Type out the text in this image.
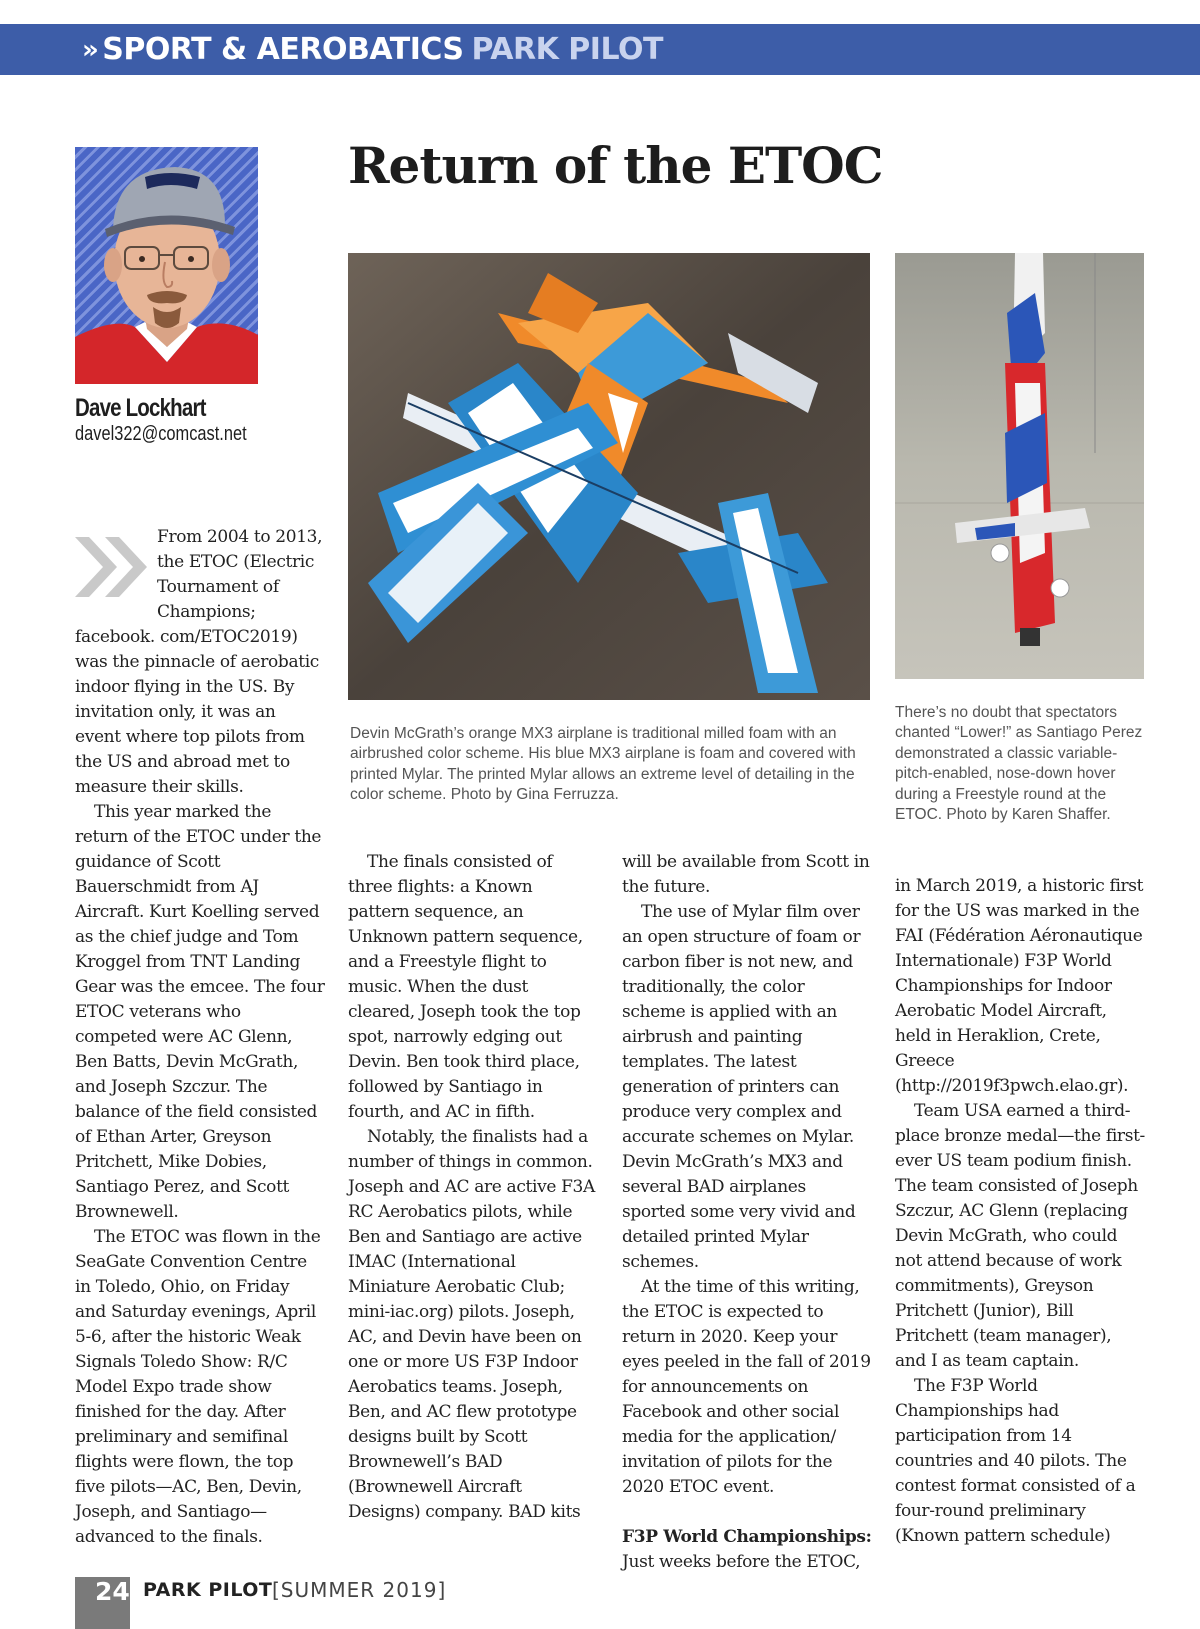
» SPORT & AEROBATICS PARK PILOT
Dave Lockhart
davel322@comcast.net
Return of the ETOC
Devin McGrath’s orange MX3 airplane is traditional milled foam with an airbrushed color scheme. His blue MX3 airplane is foam and covered with printed Mylar. The printed Mylar allows an extreme level of detailing in the color scheme. Photo by Gina Ferruzza.
There’s no doubt that spectators chanted “Lower!” as Santiago Perez demonstrated a classic variable-pitch-enabled, nose-down hover during a Freestyle round at the ETOC. Photo by Karen Shaffer.

From 2004 to 2013, the ETOC (Electric Tournament of Champions; facebook. com/ETOC2019) was the pinnacle of aerobatic indoor flying in the US. By invitation only, it was an event where top pilots from the US and abroad met to measure their skills.

This year marked the return of the ETOC under the guidance of Scott Bauerschmidt from AJ Aircraft. Kurt Koelling served as the chief judge and Tom Kroggel from TNT Landing Gear was the emcee. The four ETOC veterans who competed were AC Glenn, Ben Batts, Devin McGrath, and Joseph Szczur. The balance of the field consisted of Ethan Arter, Greyson Pritchett, Mike Dobies, Santiago Perez, and Scott Brownewell.

The ETOC was flown in the SeaGate Convention Centre in Toledo, Ohio, on Friday and Saturday evenings, April 5-6, after the historic Weak Signals Toledo Show: R/C Model Expo trade show finished for the day. After preliminary and semifinal flights were flown, the top five pilots—AC, Ben, Devin, Joseph, and Santiago—advanced to the finals.

The finals consisted of three flights: a Known pattern sequence, an Unknown pattern sequence, and a Freestyle flight to music. When the dust cleared, Joseph took the top spot, narrowly edging out Devin. Ben took third place, followed by Santiago in fourth, and AC in fifth.

Notably, the finalists had a number of things in common. Joseph and AC are active F3A RC Aerobatics pilots, while Ben and Santiago are active IMAC (International Miniature Aerobatic Club; mini-iac.org) pilots. Joseph, AC, and Devin have been on one or more US F3P Indoor Aerobatics teams. Joseph, Ben, and AC flew prototype designs built by Scott Brownewell’s BAD (Brownewell Aircraft Designs) company. BAD kits

will be available from Scott in the future.

The use of Mylar film over an open structure of foam or carbon fiber is not new, and traditionally, the color scheme is applied with an airbrush and painting templates. The latest generation of printers can produce very complex and accurate schemes on Mylar. Devin McGrath’s MX3 and several BAD airplanes sported some very vivid and detailed printed Mylar schemes.

At the time of this writing, the ETOC is expected to return in 2020. Keep your eyes peeled in the fall of 2019 for announcements on Facebook and other social media for the application/ invitation of pilots for the 2020 ETOC event.

F3P World Championships:
Just weeks before the ETOC,

in March 2019, a historic first for the US was marked in the FAI (Fédération Aéronautique Internationale) F3P World Championships for Indoor Aerobatic Model Aircraft, held in Heraklion, Crete, Greece (http://2019f3pwch.elao.gr).

Team USA earned a third-place bronze medal—the first-ever US team podium finish. The team consisted of Joseph Szczur, AC Glenn (replacing Devin McGrath, who could not attend because of work commitments), Greyson Pritchett (Junior), Bill Pritchett (team manager), and I as team captain.

The F3P World Championships had participation from 14 countries and 40 pilots. The contest format consisted of a four-round preliminary (Known pattern schedule)

24 PARK PILOT [SUMMER 2019]
